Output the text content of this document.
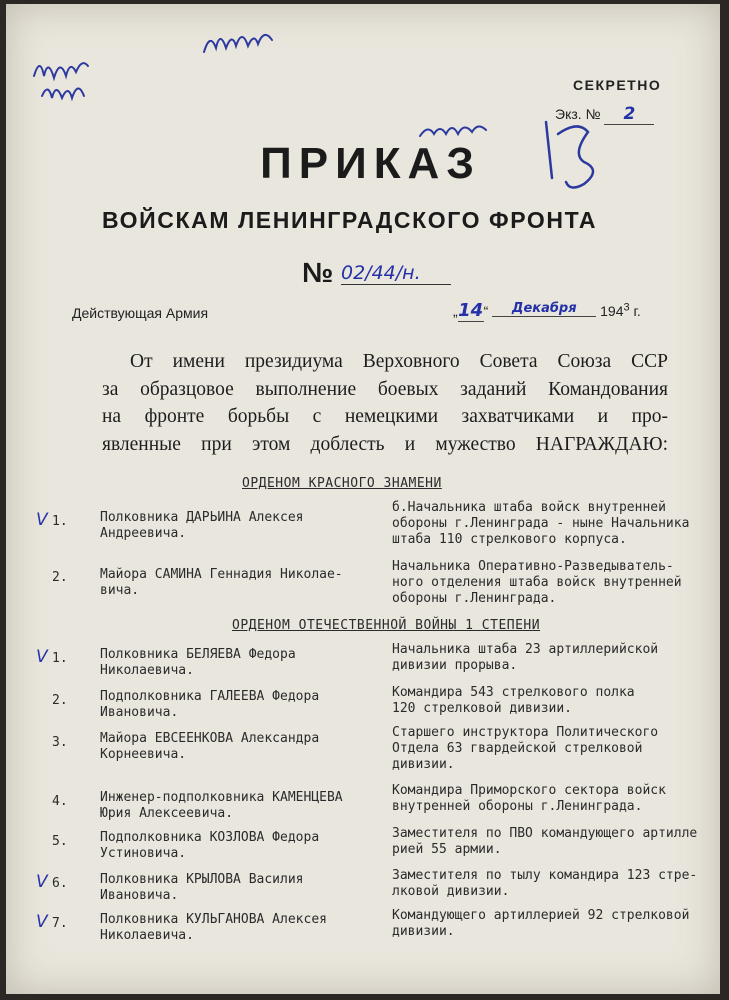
СЕКРЕТНО
Экз. № 2
ПРИКАЗ
ВОЙСКАМ ЛЕНИНГРАДСКОГО ФРОНТА
№ 02/44/н.
Действующая Армия	„14“ Декабря $194^3$ г.
От имени президиума Верховного Совета Союза ССР
за образцовое выполнение боевых заданий Командования
на фронте борьбы с немецкими захватчиками и про-
явленные при этом доблесть и мужество НАГРАЖДАЮ:
ОРДЕНОМ КРАСНОГО ЗНАМЕНИ
V 1. Полковника ДАРЬИНА Алексея
Андреевича.
б.Начальника штаба войск внутренней
обороны г.Ленинграда - ныне Начальника
штаба 110 стрелкового корпуса.
2. Майора САМИНА Геннадия Николае-
вича.
Начальника Оперативно-Разведыватель-
ного отделения штаба войск внутренней
обороны г.Ленинграда.
ОРДЕНОМ ОТЕЧЕСТВЕННОЙ ВОЙНЫ 1 СТЕПЕНИ
V 1. Полковника БЕЛЯЕВА Федора
Николаевича.
Начальника штаба 23 артиллерийской
дивизии прорыва.
2. Подполковника ГАЛЕЕВА Федора
Ивановича.
Командира 543 стрелкового полка
120 стрелковой дивизии.
3. Майора ЕВСЕЕНКОВА Александра
Корнеевича.
Старшего инструктора Политического
Отдела 63 гвардейской стрелковой
дивизии.
4. Инженер-подполковника КАМЕНЦЕВА
Юрия Алексеевича.
Командира Приморского сектора войск
внутренней обороны г.Ленинграда.
5. Подполковника КОЗЛОВА Федора
Устиновича.
Заместителя по ПВО командующего артилле
рией 55 армии.
V 6. Полковника КРЫЛОВА Василия
Ивановича.
Заместителя по тылу командира 123 стре-
лковой дивизии.
V 7. Полковника КУЛЬГАНОВА Алексея
Николаевича.
Командующего артиллерией 92 стрелковой
дивизии.
